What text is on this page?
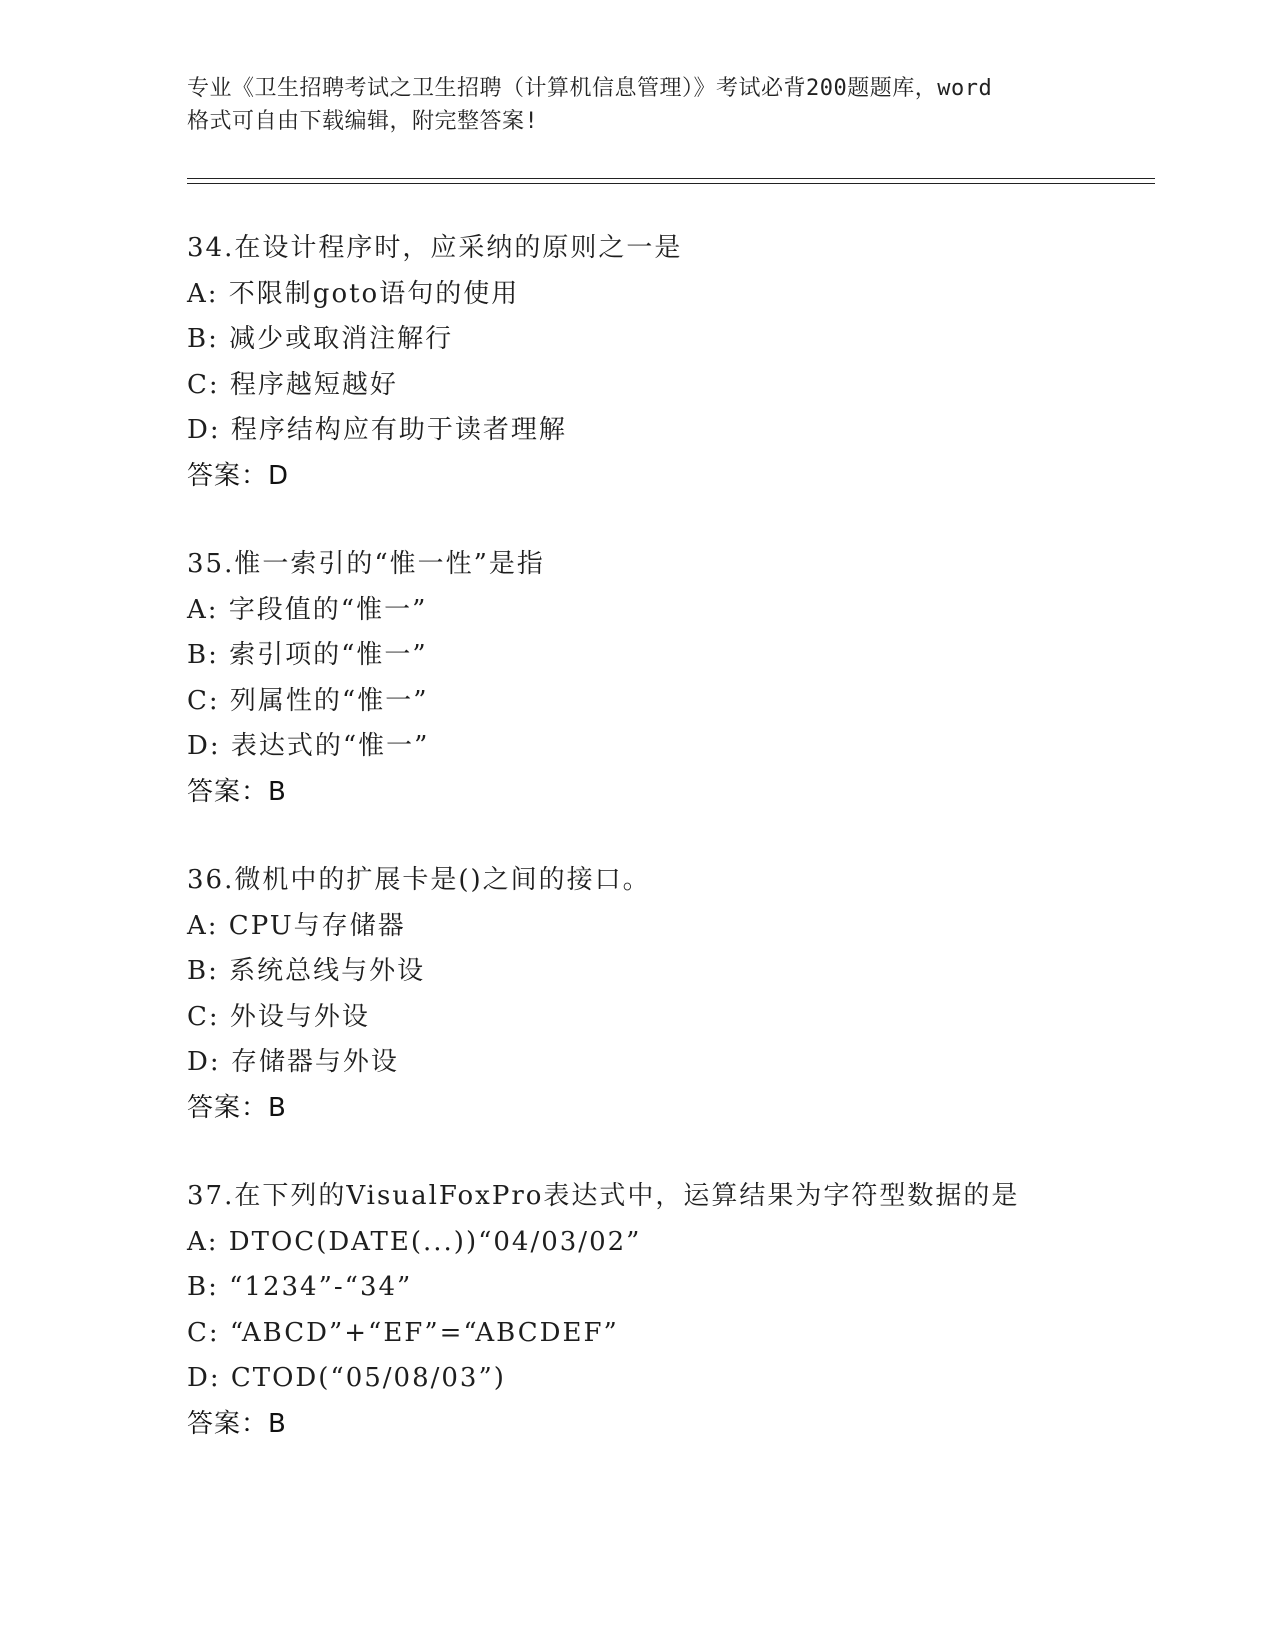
专业《卫生招聘考试之卫生招聘（计算机信息管理）》考试必背200题题库，word
格式可自由下载编辑，附完整答案!
34.在设计程序时，应采纳的原则之一是
A: 不限制goto语句的使用
B: 减少或取消注解行
C: 程序越短越好
D: 程序结构应有助于读者理解
答案：D
35.惟一索引的“惟一性”是指
A: 字段值的“惟一”
B: 索引项的“惟一”
C: 列属性的“惟一”
D: 表达式的“惟一”
答案：B
36.微机中的扩展卡是()之间的接口。
A: CPU与存储器
B: 系统总线与外设
C: 外设与外设
D: 存储器与外设
答案：B
37.在下列的VisualFoxPro表达式中，运算结果为字符型数据的是
A: DTOC(DATE(...))“04/03/02”
B: “1234”-“34”
C: “ABCD”+“EF”=“ABCDEF”
D: CTOD(“05/08/03”)
答案：B
